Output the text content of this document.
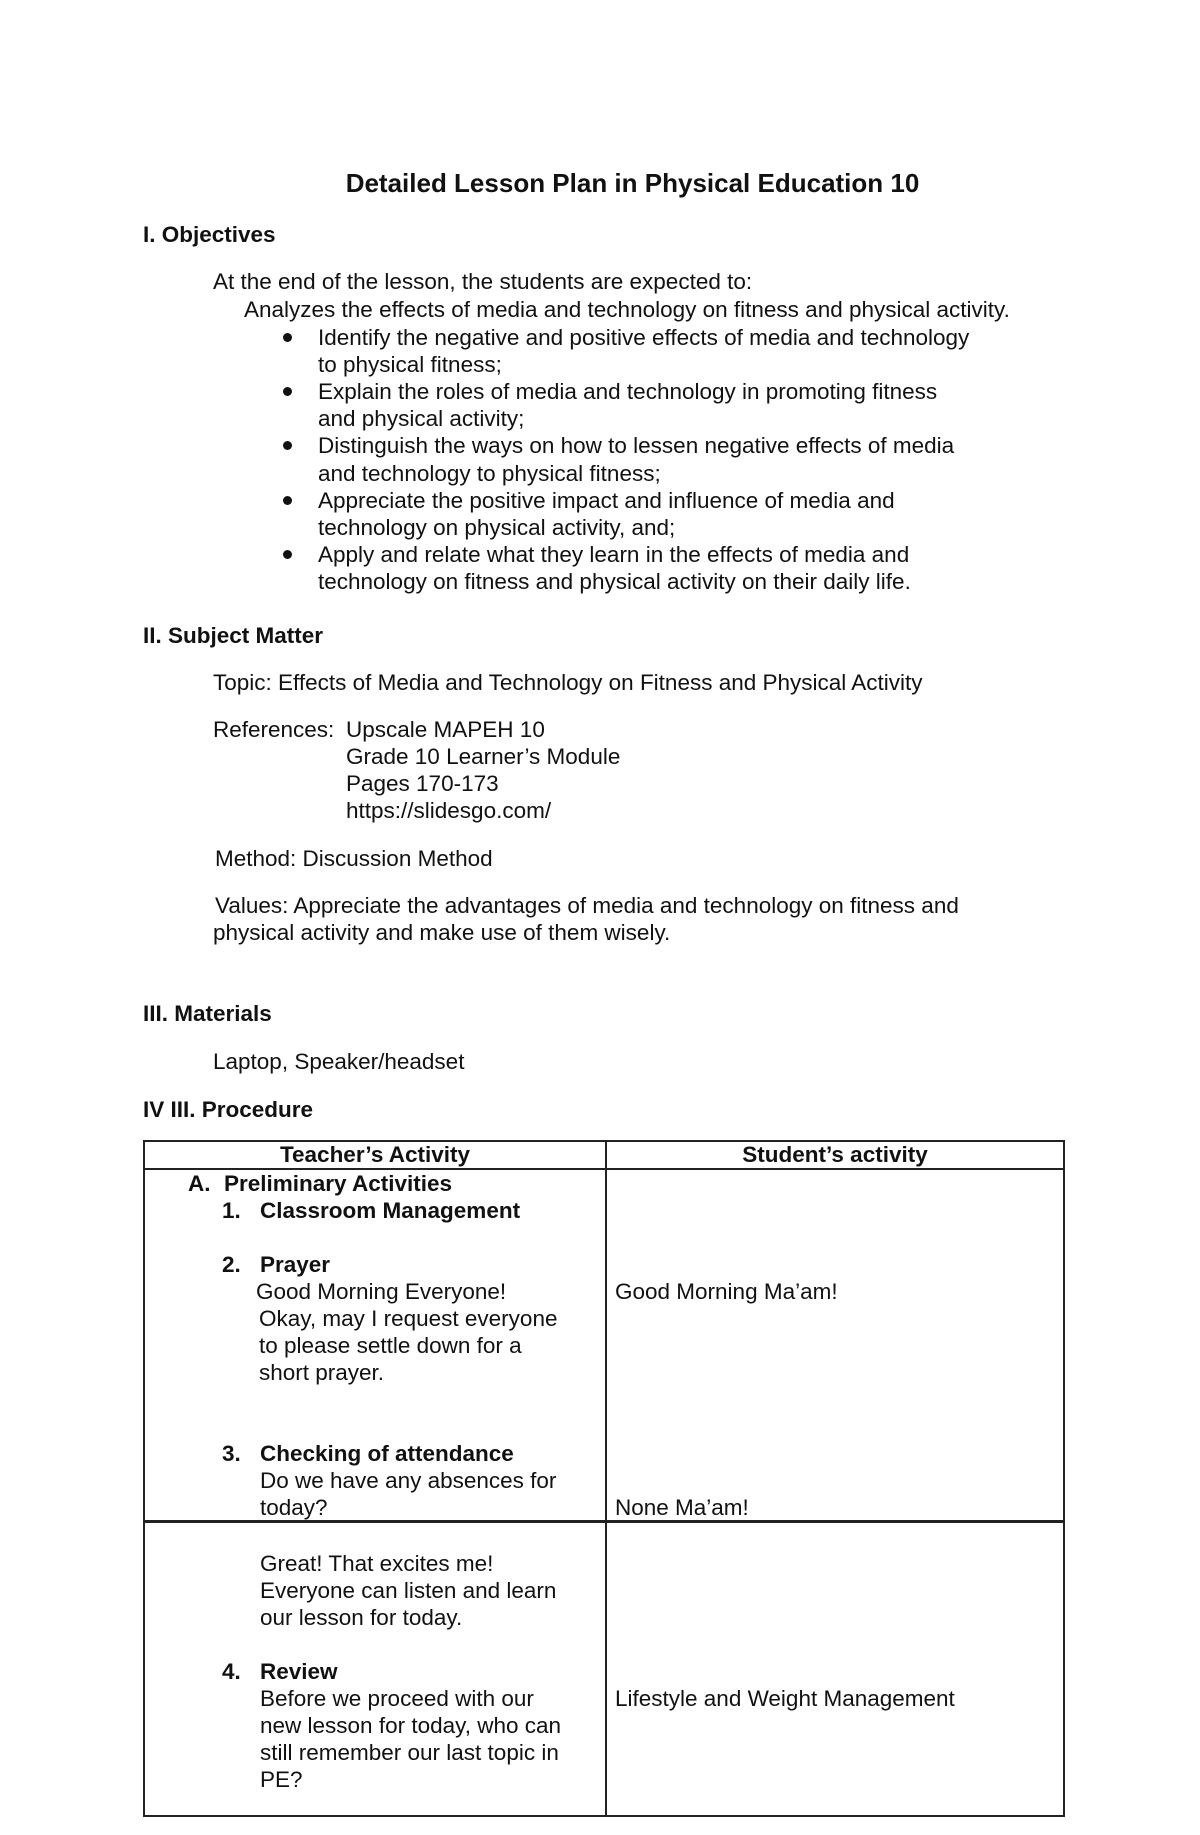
Detailed Lesson Plan in Physical Education 10
I. Objectives
At the end of the lesson, the students are expected to:
Analyzes the effects of media and technology on fitness and physical activity.
Identify the negative and positive effects of media and technology
to physical fitness;
Explain the roles of media and technology in promoting fitness
and physical activity;
Distinguish the ways on how to lessen negative effects of media
and technology to physical fitness;
Appreciate the positive impact and influence of media and
technology on physical activity, and;
Apply and relate what they learn in the effects of media and
technology on fitness and physical activity on their daily life.
II. Subject Matter
Topic: Effects of Media and Technology on Fitness and Physical Activity
References: Upscale MAPEH 10
Grade 10 Learner’s Module
Pages 170-173
https://slidesgo.com/
Method: Discussion Method
Values: Appreciate the advantages of media and technology on fitness and
physical activity and make use of them wisely.
III. Materials
Laptop, Speaker/headset
IV III. Procedure
Teacher’s Activity	Student’s activity
A. Preliminary Activities
1. Classroom Management
2. Prayer
Good Morning Everyone!
Okay, may I request everyone
to please settle down for a
short prayer.
3. Checking of attendance
Do we have any absences for
today?
Good Morning Ma’am!
None Ma’am!
Great! That excites me!
Everyone can listen and learn
our lesson for today.
4. Review
Before we proceed with our
new lesson for today, who can
still remember our last topic in
PE?
Lifestyle and Weight Management
